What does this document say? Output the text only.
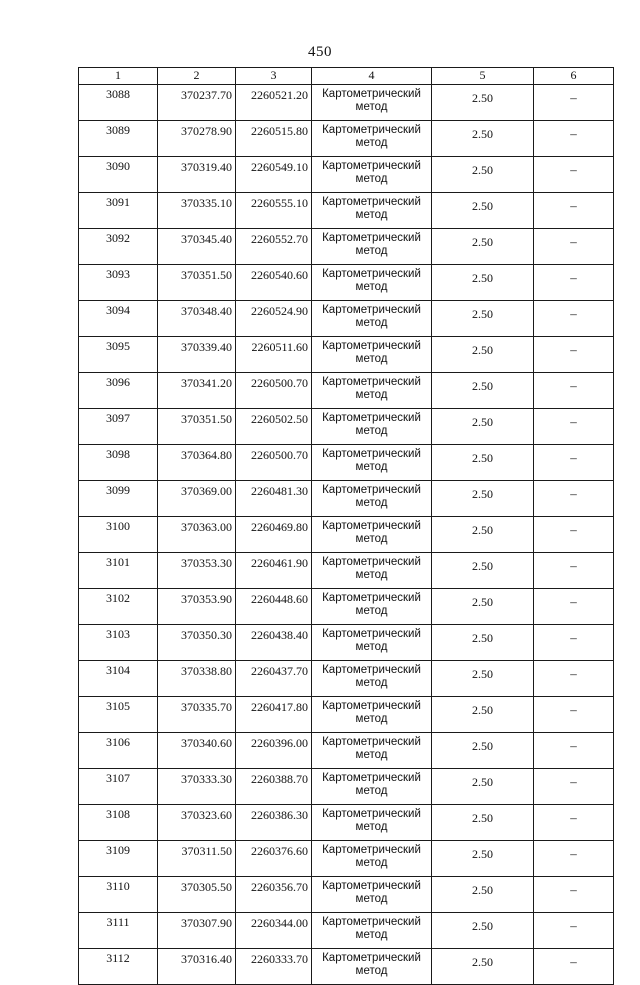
450
1	2	3	4	5	6
3088	370237.70	2260521.20	Картометрический
метод	2.50	–
3089	370278.90	2260515.80	Картометрический
метод	2.50	–
3090	370319.40	2260549.10	Картометрический
метод	2.50	–
3091	370335.10	2260555.10	Картометрический
метод	2.50	–
3092	370345.40	2260552.70	Картометрический
метод	2.50	–
3093	370351.50	2260540.60	Картометрический
метод	2.50	–
3094	370348.40	2260524.90	Картометрический
метод	2.50	–
3095	370339.40	2260511.60	Картометрический
метод	2.50	–
3096	370341.20	2260500.70	Картометрический
метод	2.50	–
3097	370351.50	2260502.50	Картометрический
метод	2.50	–
3098	370364.80	2260500.70	Картометрический
метод	2.50	–
3099	370369.00	2260481.30	Картометрический
метод	2.50	–
3100	370363.00	2260469.80	Картометрический
метод	2.50	–
3101	370353.30	2260461.90	Картометрический
метод	2.50	–
3102	370353.90	2260448.60	Картометрический
метод	2.50	–
3103	370350.30	2260438.40	Картометрический
метод	2.50	–
3104	370338.80	2260437.70	Картометрический
метод	2.50	–
3105	370335.70	2260417.80	Картометрический
метод	2.50	–
3106	370340.60	2260396.00	Картометрический
метод	2.50	–
3107	370333.30	2260388.70	Картометрический
метод	2.50	–
3108	370323.60	2260386.30	Картометрический
метод	2.50	–
3109	370311.50	2260376.60	Картометрический
метод	2.50	–
3110	370305.50	2260356.70	Картометрический
метод	2.50	–
3111	370307.90	2260344.00	Картометрический
метод	2.50	–
3112	370316.40	2260333.70	Картометрический
метод	2.50	–
